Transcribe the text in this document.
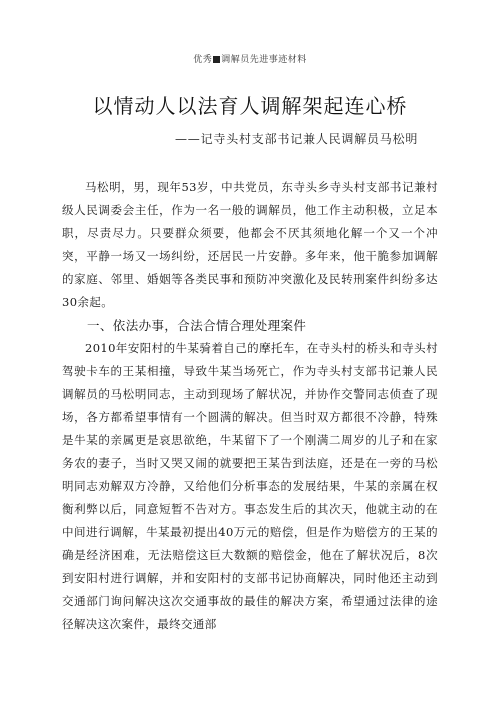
优秀 调解员先进事迹材料
以情动人以法育人调解架起连心桥
——记寺头村支部书记兼人民调解员马松明

马松明，男，现年53岁，中共党员，东寺头乡寺头村支部书记兼村级人民调委会主任，作为一名一般的调解员，他工作主动积极，立足本职，尽责尽力。只要群众须要，他都会不厌其须地化解一个又一个冲突，平静一场又一场纠纷，还居民一片安静。多年来，他干脆参加调解的家庭、邻里、婚姻等各类民事和预防冲突激化及民转刑案件纠纷多达30余起。

一、依法办事，合法合情合理处理案件

2010年安阳村的牛某骑着自己的摩托车，在寺头村的桥头和寺头村驾驶卡车的王某相撞，导致牛某当场死亡，作为寺头村支部书记兼人民调解员的马松明同志，主动到现场了解状况，并协作交警同志侦查了现场，各方都希望事情有一个圆满的解决。但当时双方都很不冷静，特殊是牛某的亲属更是哀思欲绝，牛某留下了一个刚满二周岁的儿子和在家务农的妻子，当时又哭又闹的就要把王某告到法庭，还是在一旁的马松明同志劝解双方冷静，又给他们分析事态的发展结果，牛某的亲属在权衡利弊以后，同意短暂不告对方。事态发生后的其次天，他就主动的在中间进行调解，牛某最初提出40万元的赔偿，但是作为赔偿方的王某的确是经济困难，无法赔偿这巨大数额的赔偿金，他在了解状况后，8次到安阳村进行调解，并和安阳村的支部书记协商解决，同时他还主动到交通部门询问解决这次交通事故的最佳的解决方案，希望通过法律的途径解决这次案件，最终交通部
